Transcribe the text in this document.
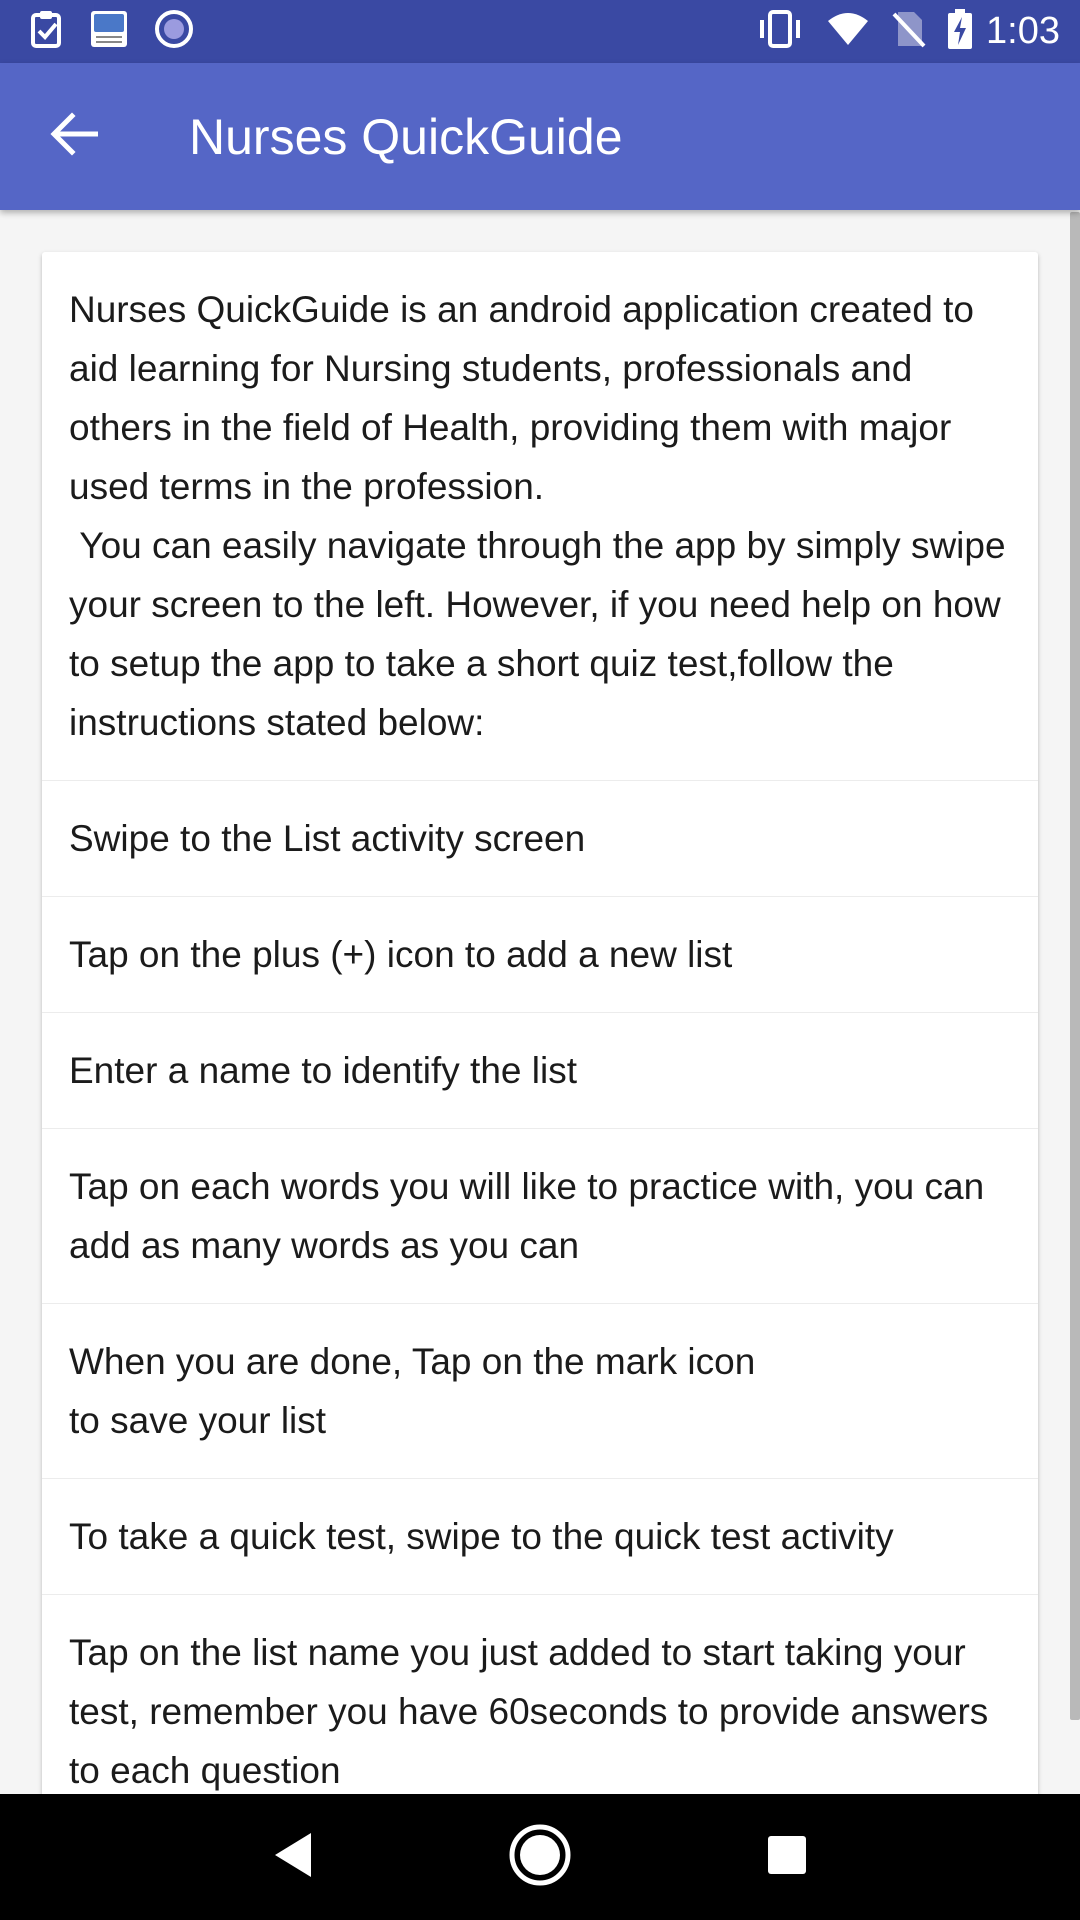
1:03
Nurses QuickGuide
Nurses QuickGuide is an android application created to aid learning for Nursing students, professionals and others in the field of Health, providing them with major used terms in the profession.
You can easily navigate through the app by simply swipe your screen to the left. However, if you need help on how to setup the app to take a short quiz test,follow the instructions stated below:
Swipe to the List activity screen
Tap on the plus (+) icon to add a new list
Enter a name to identify the list
Tap on each words you will like to practice with, you can add as many words as you can
When you are done, Tap on the mark icon
to save your list
To take a quick test, swipe to the quick test activity
Tap on the list name you just added to start taking your test, remember you have 60seconds to provide answers to each question
